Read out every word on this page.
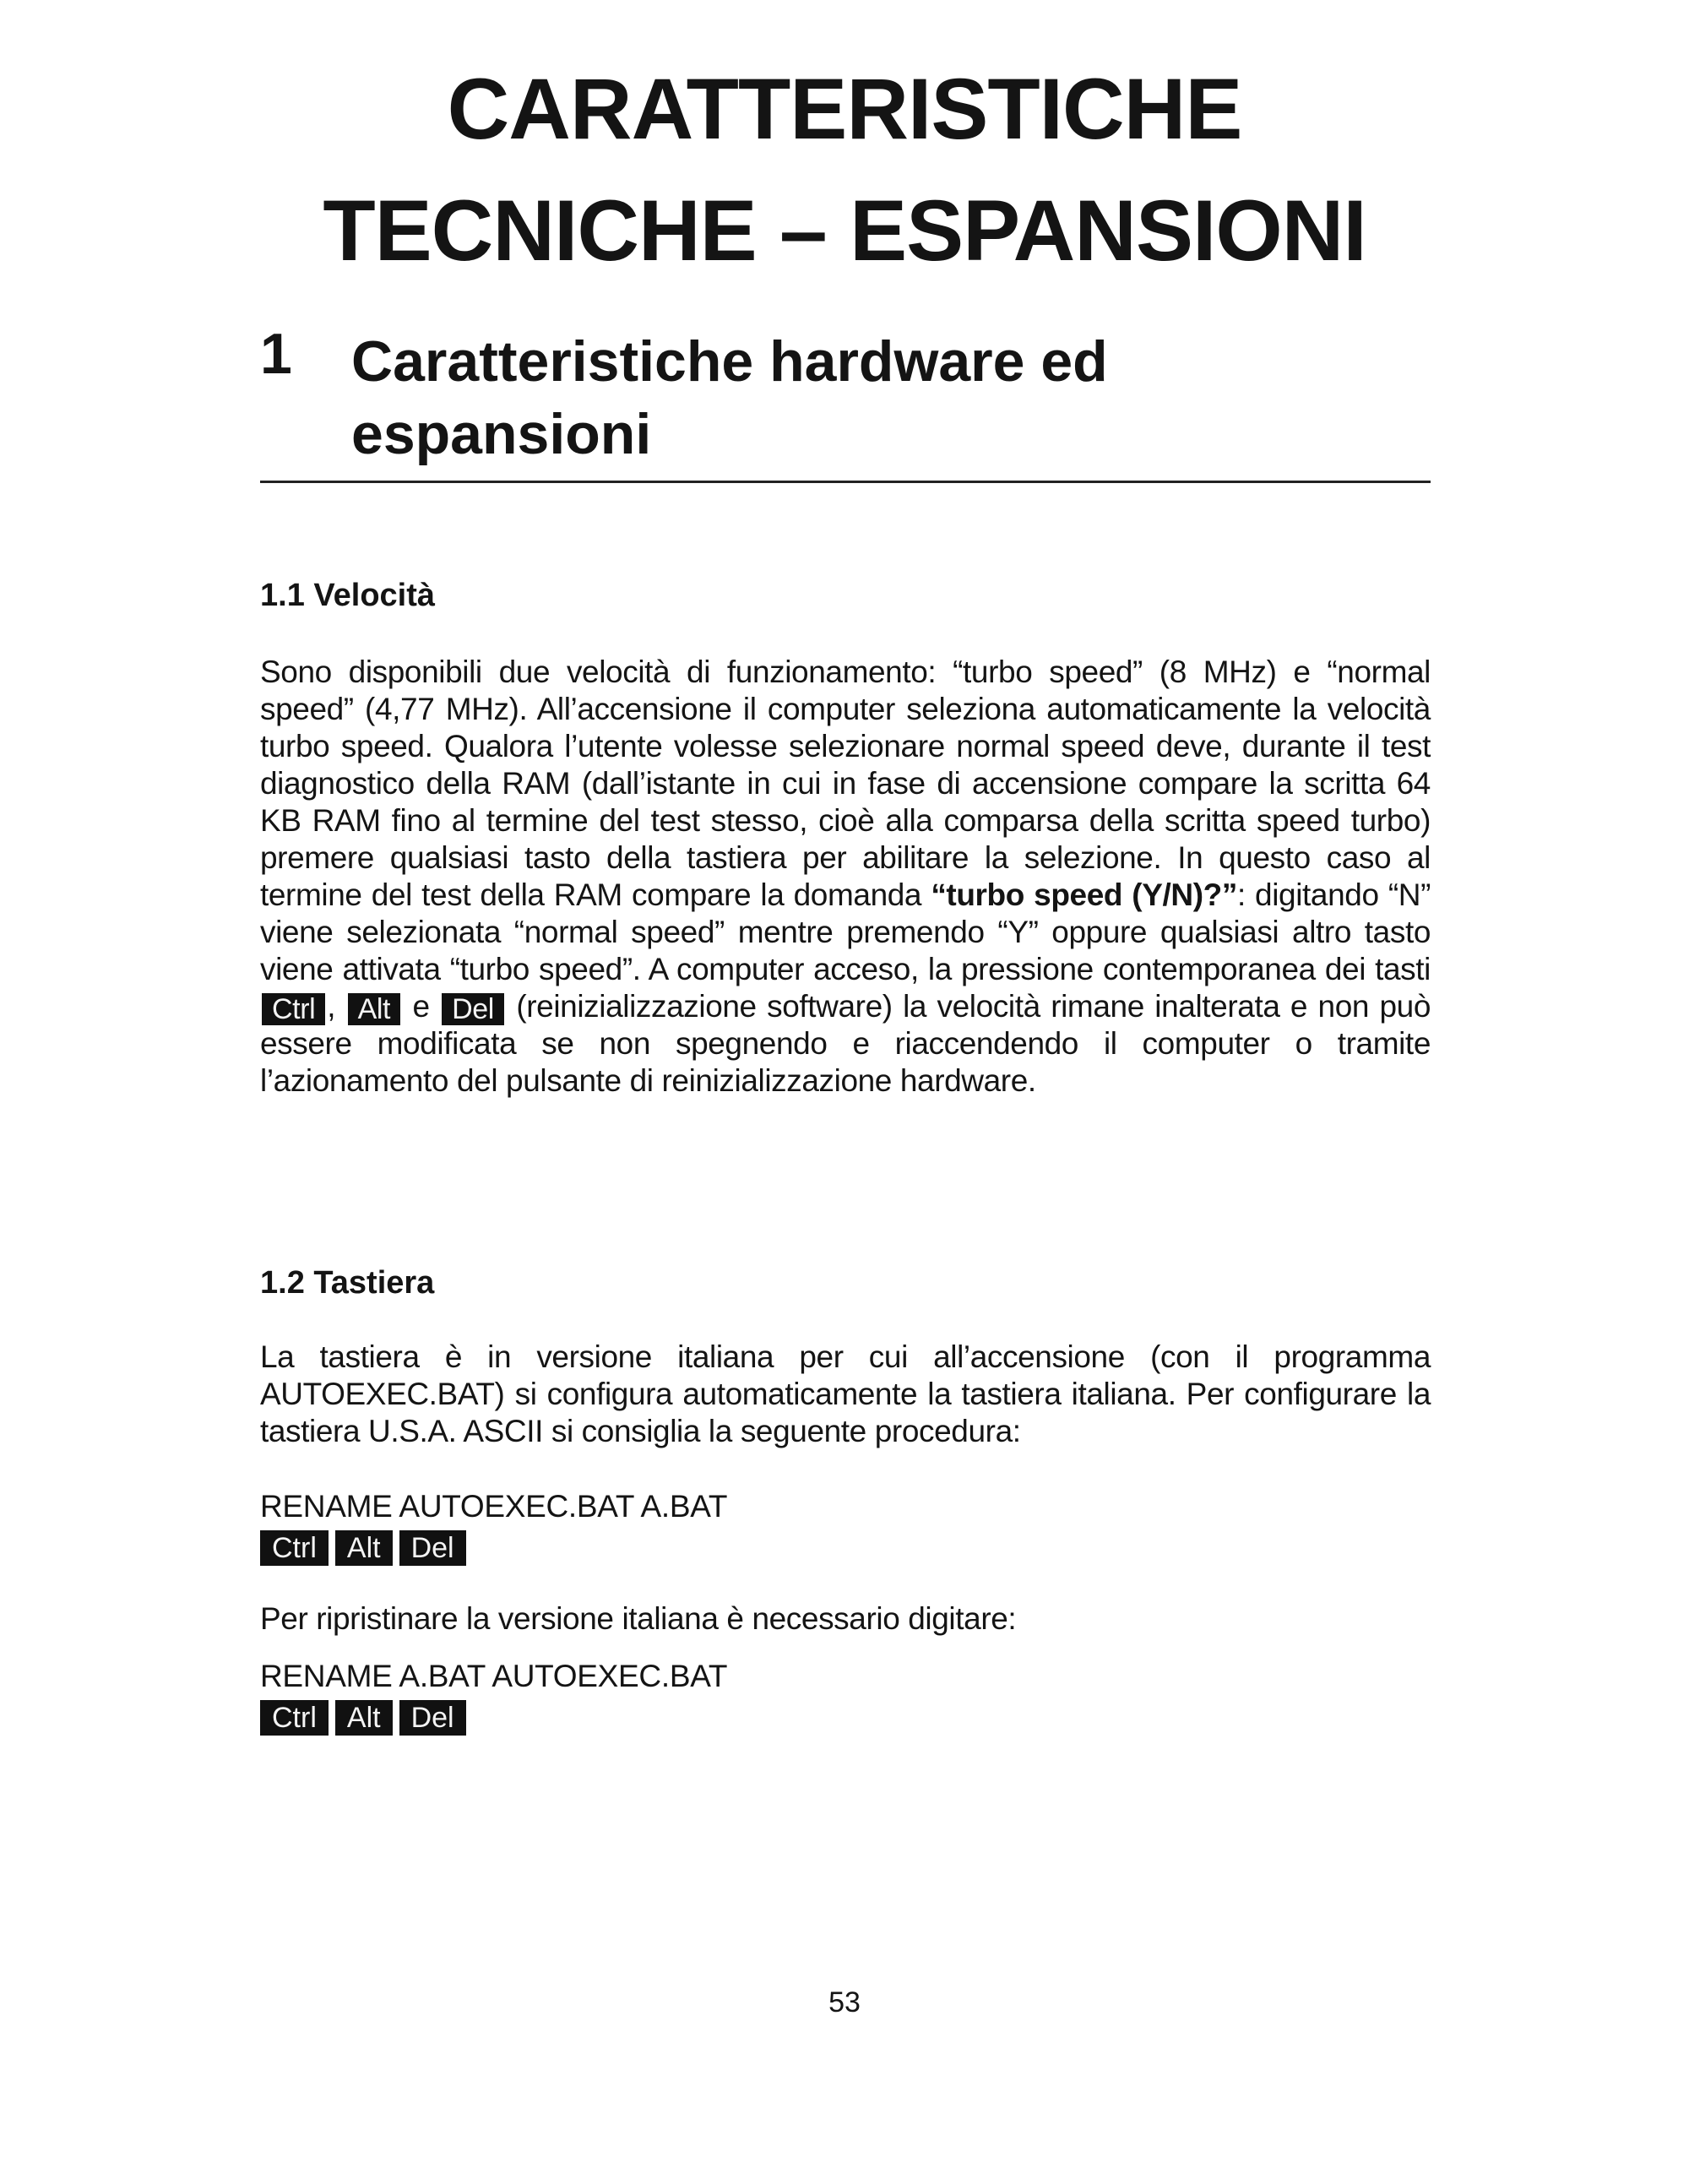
CARATTERISTICHE
TECNICHE – ESPANSIONI
1 Caratteristiche hardware ed espansioni
1.1 Velocità

Sono disponibili due velocità di funzionamento: “turbo speed” (8 MHz) e “normal speed” (4,77 MHz). All’accensione il computer seleziona automaticamente la velocità turbo speed. Qualora l’utente volesse selezionare normal speed deve, durante il test diagnostico della RAM (dall’istante in cui in fase di accensione compare la scritta 64 KB RAM fino al termine del test stesso, cioè alla comparsa della scritta speed turbo) premere qualsiasi tasto della tastiera per abilitare la selezione. In questo caso al termine del test della RAM compare la domanda “turbo speed (Y/N)?”: digitando “N” viene selezionata “normal speed” mentre premendo “Y” oppure qualsiasi altro tasto viene attivata “turbo speed”. A computer acceso, la pressione contemporanea dei tasti Ctrl , Alt e Del (reinizializzazione software) la velocità rimane inalterata e non può essere modificata se non spegnendo e riaccendendo il computer o tramite l’azionamento del pulsante di reinizializzazione hardware.

1.2 Tastiera

La tastiera è in versione italiana per cui all’accensione (con il programma AUTOEXEC.BAT) si configura automaticamente la tastiera italiana. Per configurare la tastiera U.S.A. ASCII si consiglia la seguente procedura:

RENAME AUTOEXEC.BAT A.BAT

Ctrl	Alt	Del

Per ripristinare la versione italiana è necessario digitare:

RENAME A.BAT AUTOEXEC.BAT

Ctrl	Alt	Del

53
